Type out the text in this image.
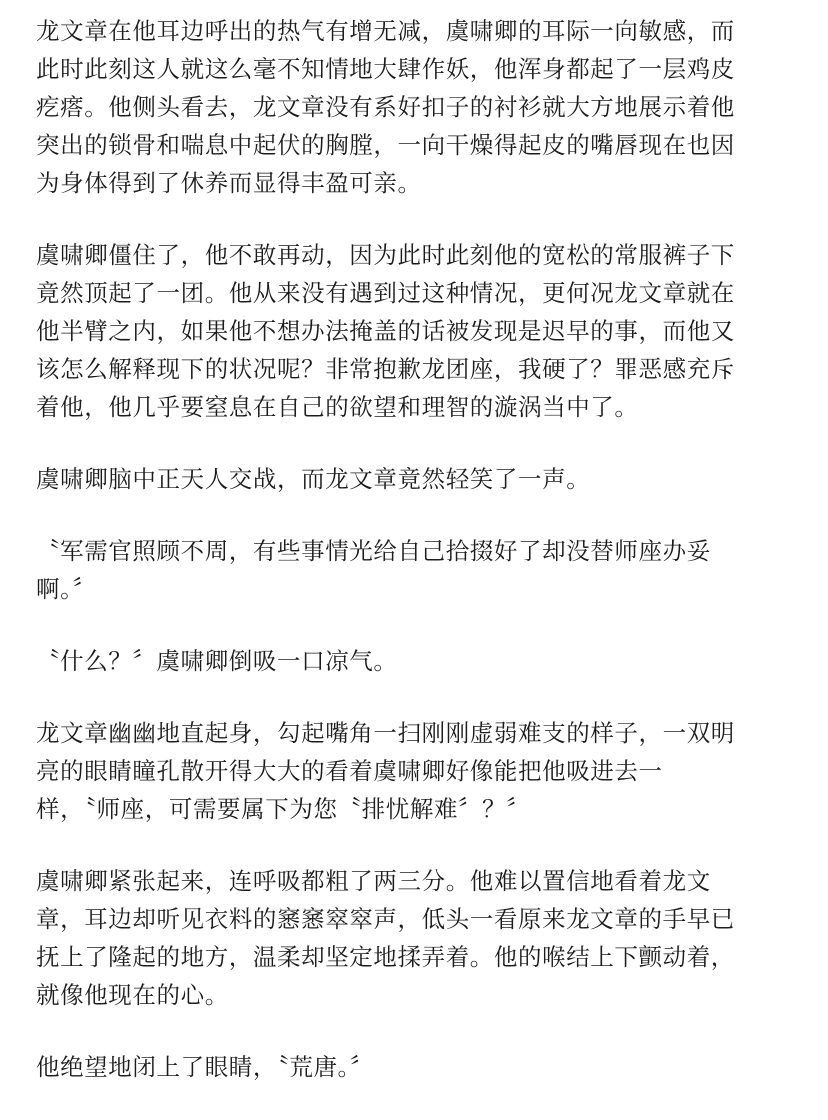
龙文章在他耳边呼出的热气有增无减，虞啸卿的耳际一向敏感，而
此时此刻这人就这么毫不知情地大肆作妖，他浑身都起了一层鸡皮
疙瘩。他侧头看去，龙文章没有系好扣子的衬衫就大方地展示着他
突出的锁骨和喘息中起伏的胸膛，一向干燥得起皮的嘴唇现在也因
为身体得到了休养而显得丰盈可亲。

虞啸卿僵住了，他不敢再动，因为此时此刻他的宽松的常服裤子下
竟然顶起了一团。他从来没有遇到过这种情况，更何况龙文章就在
他半臂之内，如果他不想办法掩盖的话被发现是迟早的事，而他又
该怎么解释现下的状况呢？非常抱歉龙团座，我硬了？罪恶感充斥
着他，他几乎要窒息在自己的欲望和理智的漩涡当中了。

虞啸卿脑中正天人交战，而龙文章竟然轻笑了一声。

〝军需官照顾不周，有些事情光给自己拾掇好了却没替师座办妥
啊。〞

〝什么？〞虞啸卿倒吸一口凉气。

龙文章幽幽地直起身，勾起嘴角一扫刚刚虚弱难支的样子，一双明
亮的眼睛瞳孔散开得大大的看着虞啸卿好像能把他吸进去一
样，〝师座，可需要属下为您〝排忧解难〞？〞

虞啸卿紧张起来，连呼吸都粗了两三分。他难以置信地看着龙文
章，耳边却听见衣料的窸窸窣窣声，低头一看原来龙文章的手早已
抚上了隆起的地方，温柔却坚定地揉弄着。他的喉结上下颤动着，
就像他现在的心。

他绝望地闭上了眼睛，〝荒唐。〞
